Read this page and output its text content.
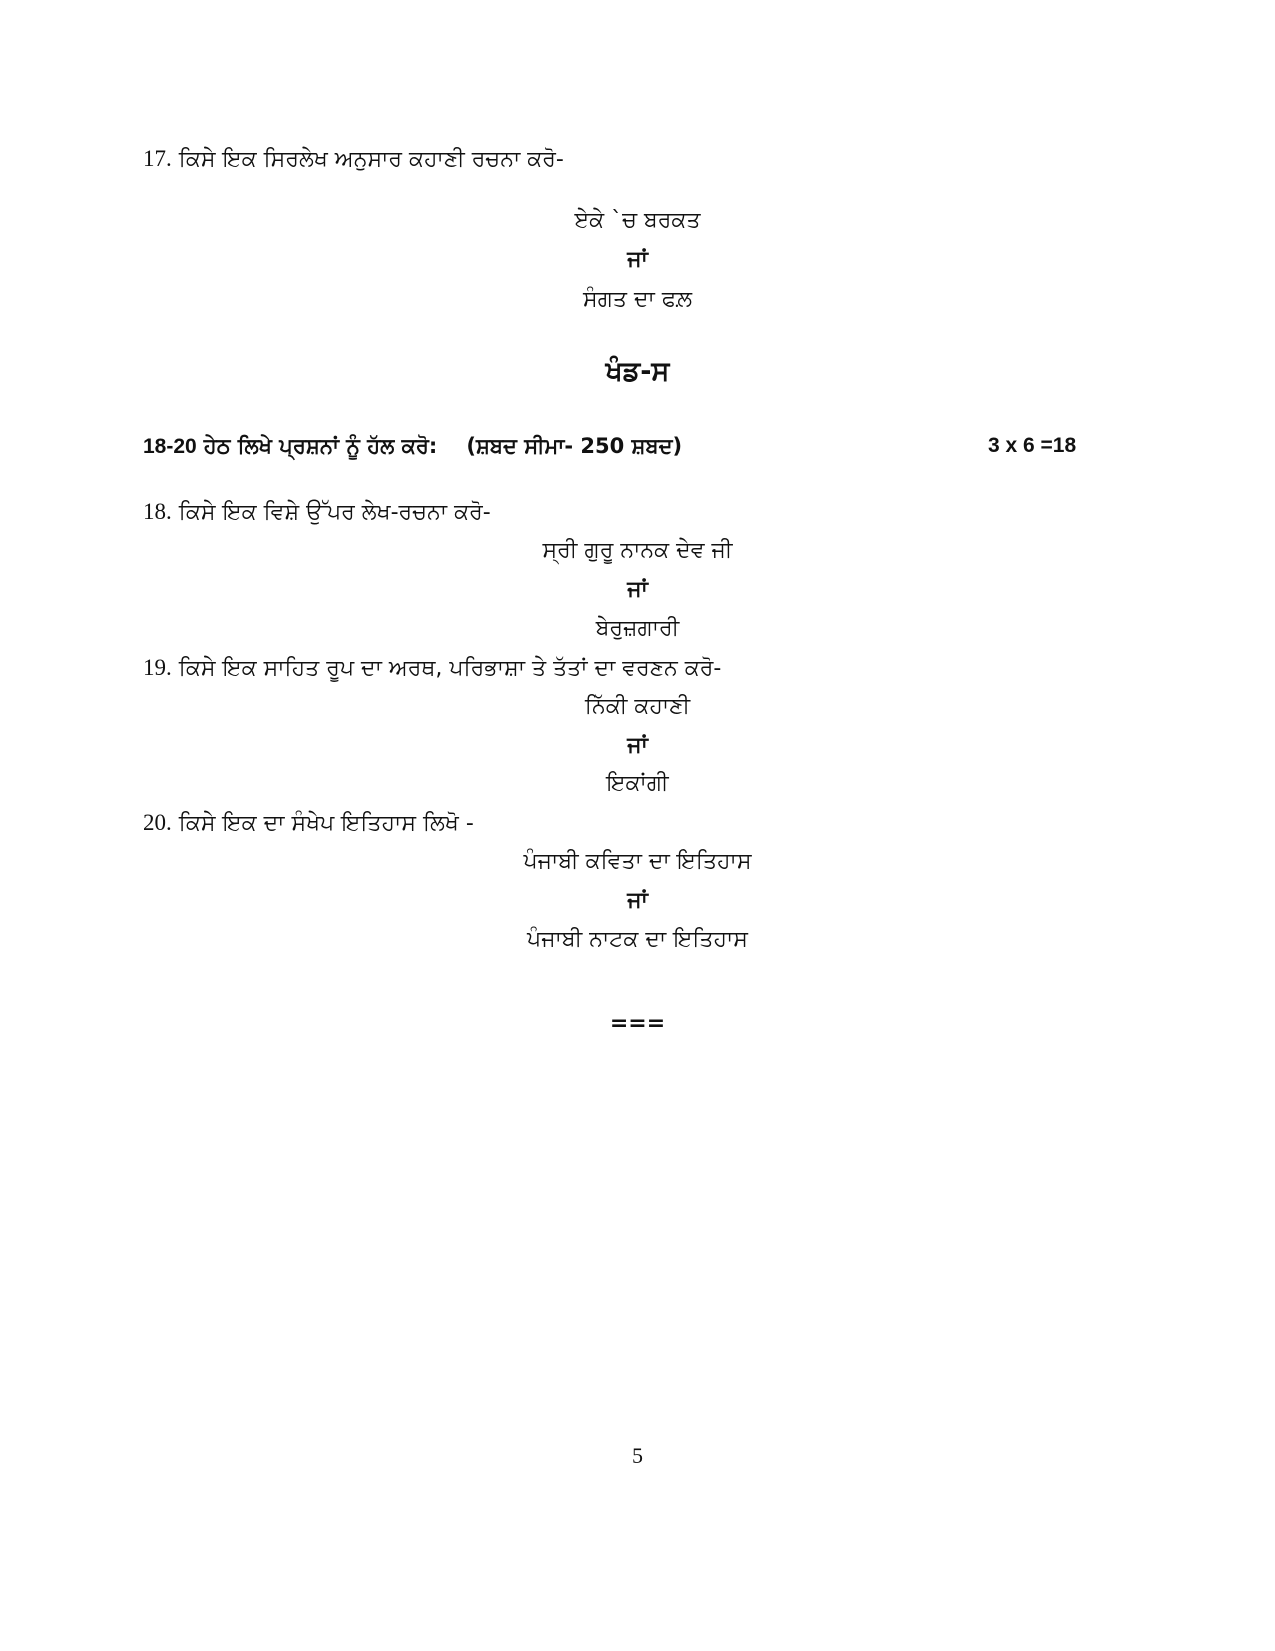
17. ਕਿਸੇ ਇਕ ਸਿਰਲੇਖ ਅਨੁਸਾਰ ਕਹਾਣੀ ਰਚਨਾ ਕਰੋ-
ਏਕੇ `ਚ ਬਰਕਤ
ਜਾਂ
ਸੰਗਤ ਦਾ ਫਲ਼
ਖੰਡ-ਸ
18-20 ਹੇਠ ਲਿਖੇ ਪ੍ਰਸ਼ਨਾਂ ਨੂੰ ਹੱਲ ਕਰੋ: (ਸ਼ਬਦ ਸੀਮਾ- 250 ਸ਼ਬਦ)	3 x 6 =18
18. ਕਿਸੇ ਇਕ ਵਿਸ਼ੇ ਉੱਪਰ ਲੇਖ-ਰਚਨਾ ਕਰੋ-
ਸ੍ਰੀ ਗੁਰੂ ਨਾਨਕ ਦੇਵ ਜੀ
ਜਾਂ
ਬੇਰੁਜ਼ਗਾਰੀ
19. ਕਿਸੇ ਇਕ ਸਾਹਿਤ ਰੂਪ ਦਾ ਅਰਥ, ਪਰਿਭਾਸ਼ਾ ਤੇ ਤੱਤਾਂ ਦਾ ਵਰਣਨ ਕਰੋ-
ਨਿੱਕੀ ਕਹਾਣੀ
ਜਾਂ
ਇਕਾਂਗੀ
20. ਕਿਸੇ ਇਕ ਦਾ ਸੰਖੇਪ ਇਤਿਹਾਸ ਲਿਖੋ -
ਪੰਜਾਬੀ ਕਵਿਤਾ ਦਾ ਇਤਿਹਾਸ
ਜਾਂ
ਪੰਜਾਬੀ ਨਾਟਕ ਦਾ ਇਤਿਹਾਸ
===
5
